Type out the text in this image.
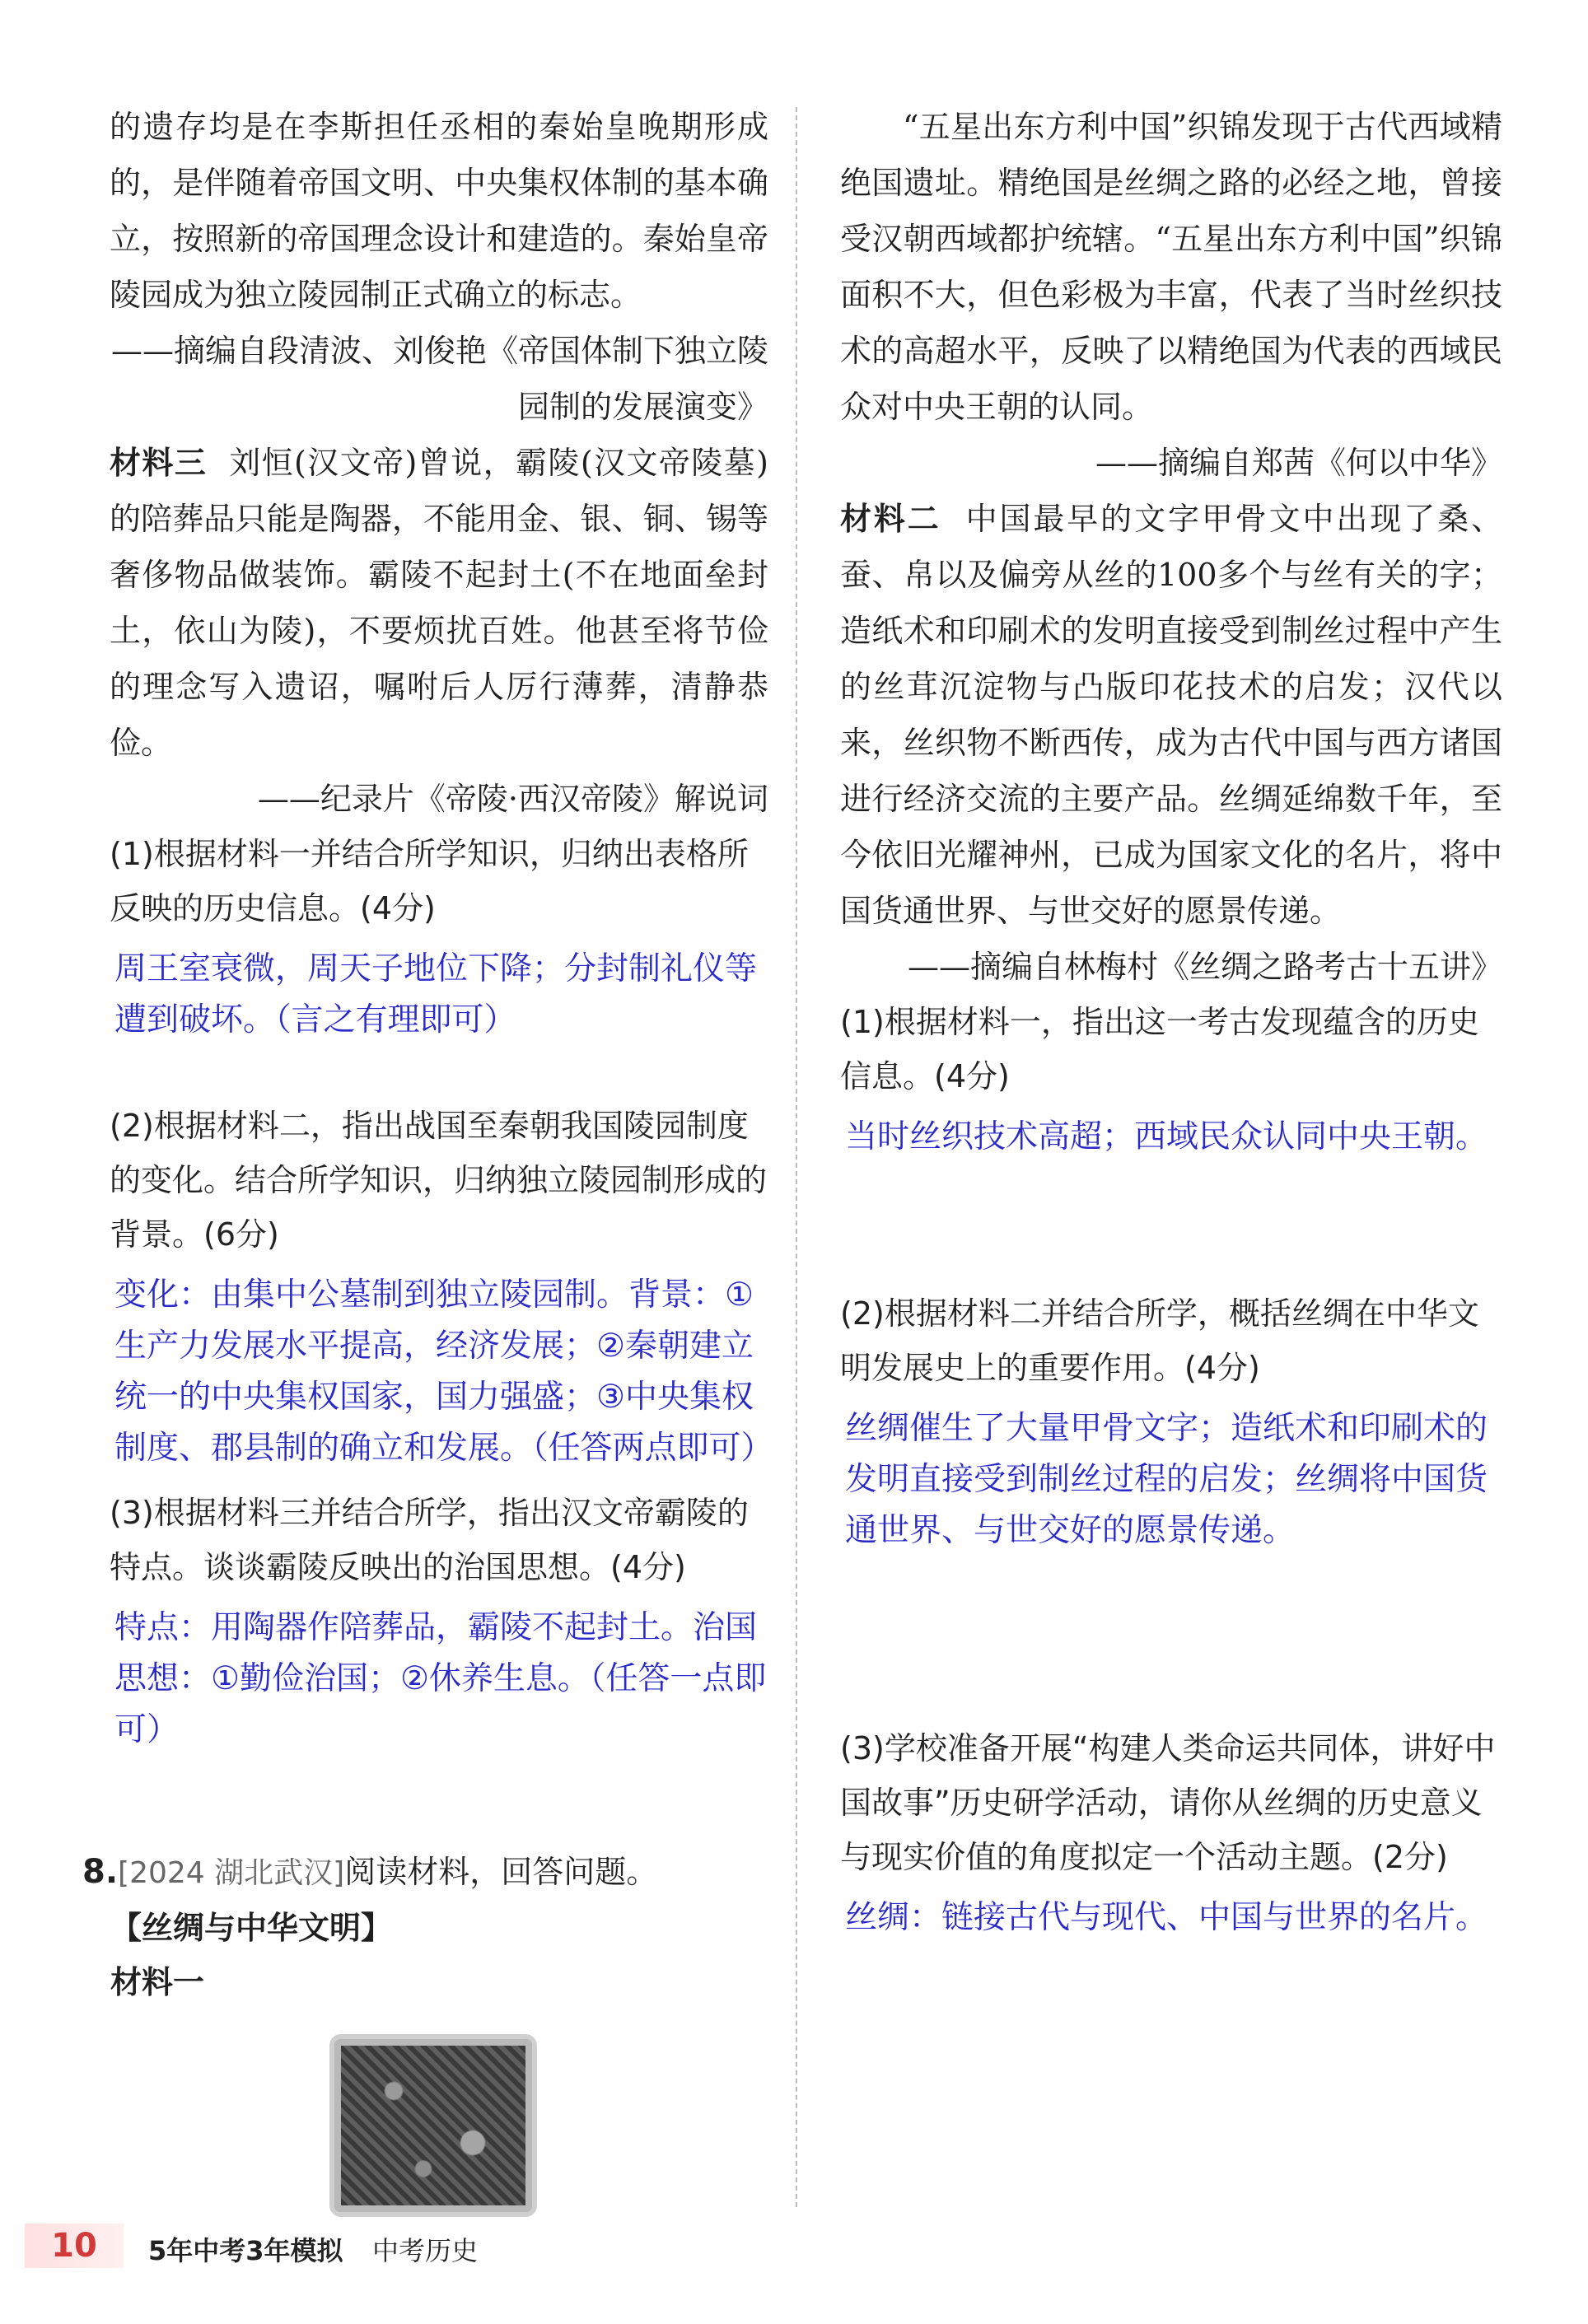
的遗存均是在李斯担任丞相的秦始皇晚期形成的，是伴随着帝国文明、中央集权体制的基本确立，按照新的帝国理念设计和建造的。秦始皇帝陵园成为独立陵园制正式确立的标志。

——摘编自段清波、刘俊艳《帝国体制下独立陵园制的发展演变》

材料三 刘恒(汉文帝)曾说，霸陵(汉文帝陵墓)的陪葬品只能是陶器，不能用金、银、铜、锡等奢侈物品做装饰。霸陵不起封土(不在地面垒封土，依山为陵)，不要烦扰百姓。他甚至将节俭的理念写入遗诏，嘱咐后人厉行薄葬，清静恭俭。

——纪录片《帝陵·西汉帝陵》解说词

(1)根据材料一并结合所学知识，归纳出表格所反映的历史信息。(4分)

周王室衰微，周天子地位下降；分封制礼仪等遭到破坏。（言之有理即可）

(2)根据材料二，指出战国至秦朝我国陵园制度的变化。结合所学知识，归纳独立陵园制形成的背景。(6分)

变化：由集中公墓制到独立陵园制。背景：①生产力发展水平提高，经济发展；②秦朝建立统一的中央集权国家，国力强盛；③中央集权制度、郡县制的确立和发展。（任答两点即可）

(3)根据材料三并结合所学，指出汉文帝霸陵的特点。谈谈霸陵反映出的治国思想。(4分)

特点：用陶器作陪葬品，霸陵不起封土。治国思想：①勤俭治国；②休养生息。（任答一点即可）

8.[2024 湖北武汉]阅读材料，回答问题。

【丝绸与中华文明】

材料一

“五星出东方利中国”织锦发现于古代西域精绝国遗址。精绝国是丝绸之路的必经之地，曾接受汉朝西域都护统辖。“五星出东方利中国”织锦面积不大，但色彩极为丰富，代表了当时丝织技术的高超水平，反映了以精绝国为代表的西域民众对中央王朝的认同。

——摘编自郑茜《何以中华》

材料二 中国最早的文字甲骨文中出现了桑、蚕、帛以及偏旁从丝的100多个与丝有关的字；造纸术和印刷术的发明直接受到制丝过程中产生的丝茸沉淀物与凸版印花技术的启发；汉代以来，丝织物不断西传，成为古代中国与西方诸国进行经济交流的主要产品。丝绸延绵数千年，至今依旧光耀神州，已成为国家文化的名片，将中国货通世界、与世交好的愿景传递。

——摘编自林梅村《丝绸之路考古十五讲》

(1)根据材料一，指出这一考古发现蕴含的历史信息。(4分)

当时丝织技术高超；西域民众认同中央王朝。

(2)根据材料二并结合所学，概括丝绸在中华文明发展史上的重要作用。(4分)

丝绸催生了大量甲骨文字；造纸术和印刷术的发明直接受到制丝过程的启发；丝绸将中国货通世界、与世交好的愿景传递。

(3)学校准备开展“构建人类命运共同体，讲好中国故事”历史研学活动，请你从丝绸的历史意义与现实价值的角度拟定一个活动主题。(2分)

丝绸：链接古代与现代、中国与世界的名片。

10	5年中考3年模拟 中考历史
